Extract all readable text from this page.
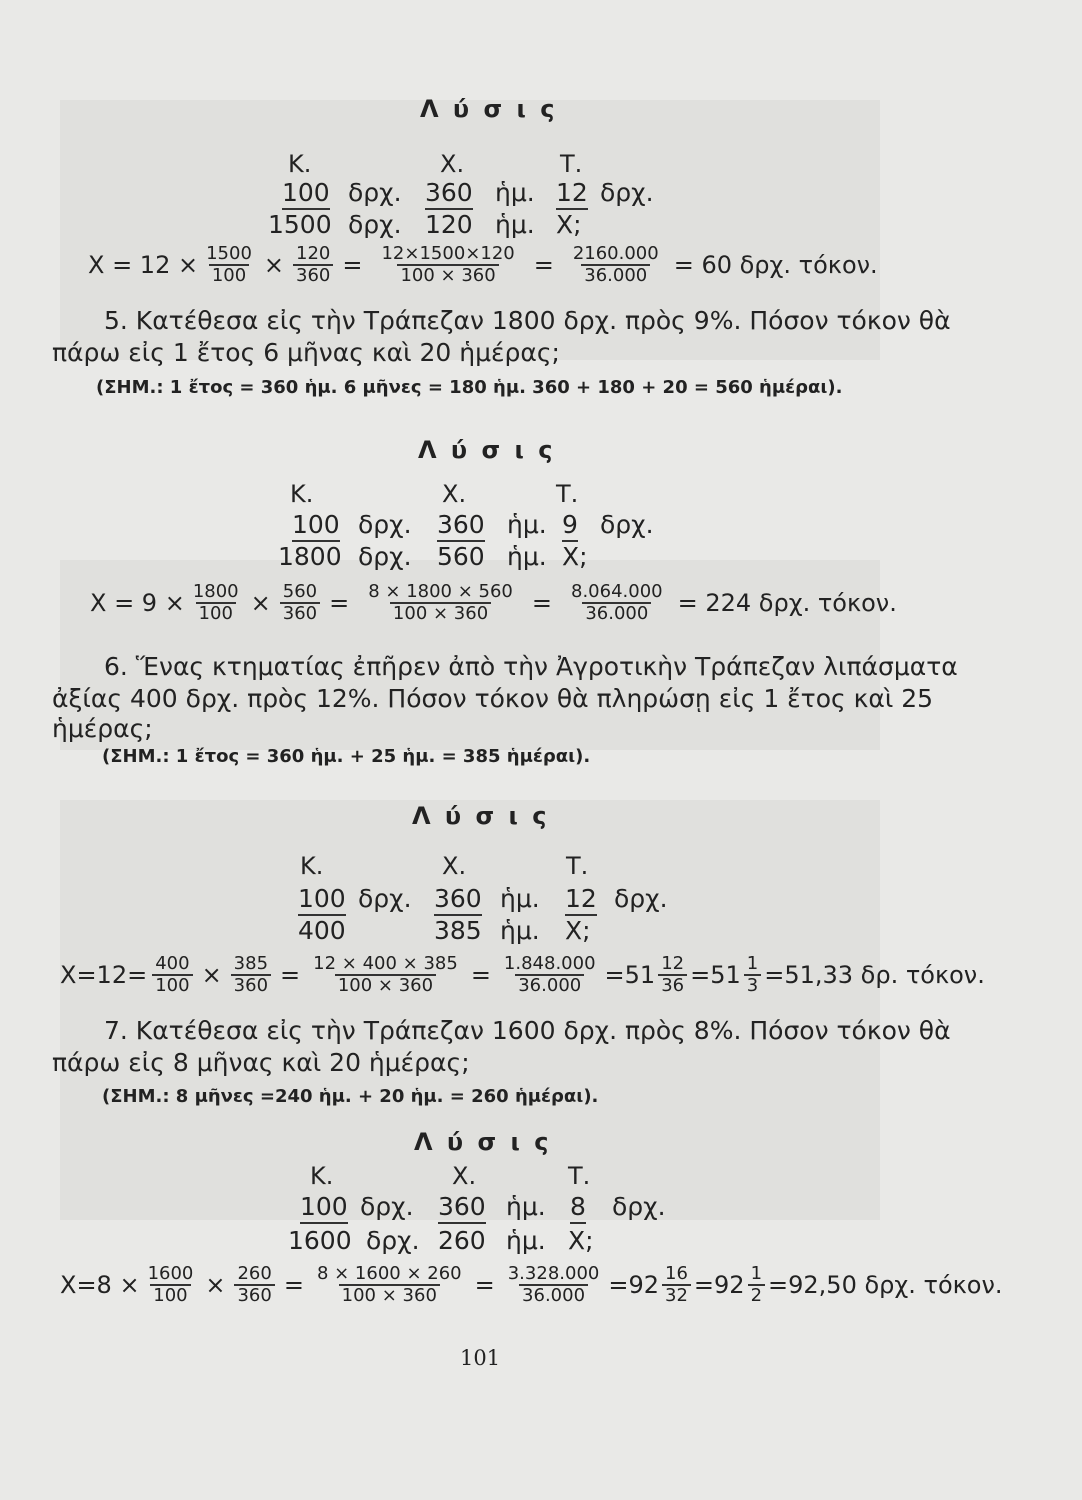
Λ ύ σ ι ς
Κ.	Χ.	Τ.
100 δρχ. 360 ἡμ. 12 δρχ.
1500 δρχ. 120 ἡμ. Χ;
$X = 12 \times \frac{1500}{100} \times \frac{120}{360} = \frac{12\times 1500\times 120}{100 \times 360} = \frac{2160.000}{36.000} = 60$ δρχ. τόκον.
5. Κατέθεσα εἰς τὴν Τράπεζαν 1800 δρχ. πρὸς 9%. Πόσον τόκον θὰ
πάρω εἰς 1 ἔτος 6 μῆνας καὶ 20 ἡμέρας;
(ΣΗΜ.: 1 ἔτος = 360 ἡμ. 6 μῆνες = 180 ἡμ. 360 + 180 + 20 = 560 ἡμέραι).
Λ ύ σ ι ς
Κ.	Χ.	Τ.
100 δρχ. 360 ἡμ. 9 δρχ.
1800 δρχ. 560 ἡμ. Χ;
$X = 9 \times \frac{1800}{100} \times \frac{560}{360} = \frac{8 \times 1800 \times 560}{100 \times 360} = \frac{8.064.000}{36.000} = 224$ δρχ. τόκον.
6. Ἕνας κτηματίας ἐπῆρεν ἀπὸ τὴν Ἀγροτικὴν Τράπεζαν λιπάσματα
ἀξίας 400 δρχ. πρὸς 12%. Πόσον τόκον θὰ πληρώσῃ εἰς 1 ἔτος καὶ 25
ἡμέρας;
(ΣΗΜ.: 1 ἔτος = 360 ἡμ. + 25 ἡμ. = 385 ἡμέραι).
Λ ύ σ ι ς
Κ.	Χ.	Τ.
100 δρχ. 360 ἡμ. 12 δρχ.
400	385 ἡμ. Χ;
$X=12= \frac{400}{100} \times \frac{385}{360} = \frac{12 \times 400 \times 385}{100 \times 360} = \frac{1.848.000}{36.000} =51 \frac{12}{36} =51 \frac{1}{3} =51,33$ δρ. τόκον.
7. Κατέθεσα εἰς τὴν Τράπεζαν 1600 δρχ. πρὸς 8%. Πόσον τόκον θὰ
πάρω εἰς 8 μῆνας καὶ 20 ἡμέρας;
(ΣΗΜ.: 8 μῆνες =240 ἡμ. + 20 ἡμ. = 260 ἡμέραι).
Λ ύ σ ι ς
Κ.	Χ.	Τ.
100 δρχ. 360 ἡμ. 8 δρχ.
1600 δρχ. 260 ἡμ. Χ;
$X=8 \times \frac{1600}{100} \times \frac{260}{360} = \frac{8 \times 1600 \times 260}{100 \times 360} = \frac{3.328.000}{36.000} =92 \frac{16}{32} =92 \frac{1}{2} =92,50$ δρχ. τόκον.
101
